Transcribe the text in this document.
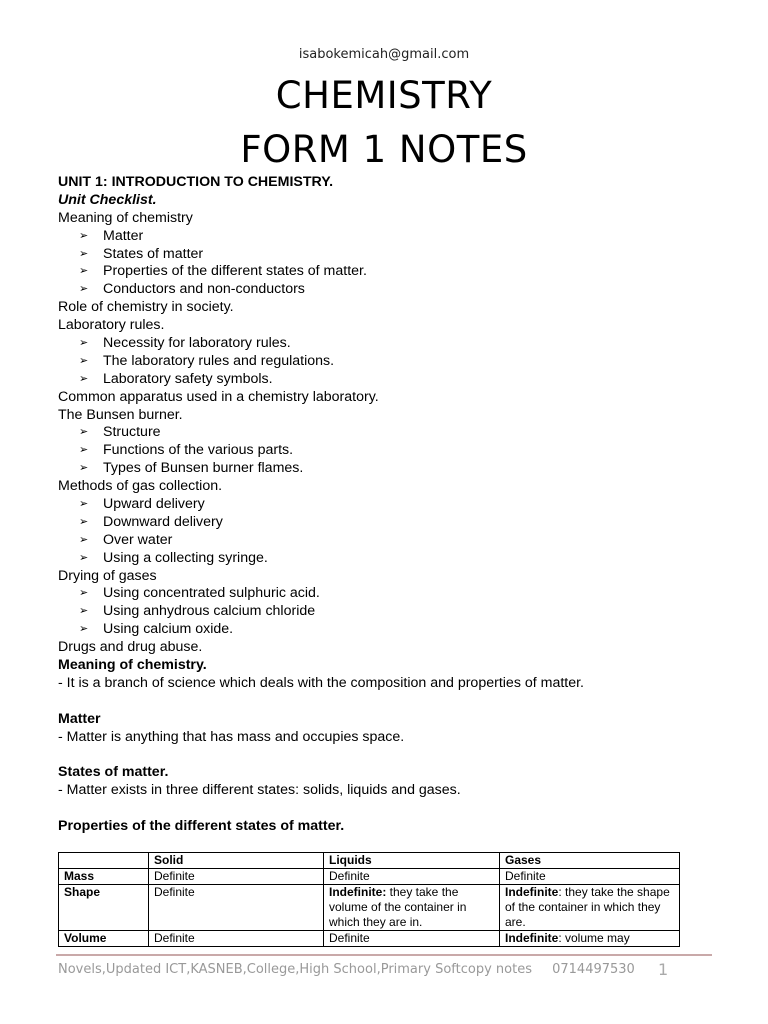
isabokemicah@gmail.com
CHEMISTRY
FORM 1 NOTES
UNIT 1: INTRODUCTION TO CHEMISTRY.
Unit Checklist.
Meaning of chemistry
➢	Matter
➢	States of matter
➢	Properties of the different states of matter.
➢	Conductors and non-conductors
Role of chemistry in society.
Laboratory rules.
➢	Necessity for laboratory rules.
➢	The laboratory rules and regulations.
➢	Laboratory safety symbols.
Common apparatus used in a chemistry laboratory.
The Bunsen burner.
➢	Structure
➢	Functions of the various parts.
➢	Types of Bunsen burner flames.
Methods of gas collection.
➢	Upward delivery
➢	Downward delivery
➢	Over water
➢	Using a collecting syringe.
Drying of gases
➢	Using concentrated sulphuric acid.
➢	Using anhydrous calcium chloride
➢	Using calcium oxide.
Drugs and drug abuse.
Meaning of chemistry.
- It is a branch of science which deals with the composition and properties of matter.
Matter
- Matter is anything that has mass and occupies space.
States of matter.
- Matter exists in three different states: solids, liquids and gases.
Properties of the different states of matter.
	Solid	Liquids	Gases
Mass	Definite	Definite	Definite
Shape	Definite	Indefinite: they take the volume of the container in which they are in.	Indefinite: they take the shape of the container in which they are.
Volume	Definite	Definite	Indefinite: volume may
Novels,Updated ICT,KASNEB,College,High School,Primary Softcopy notes 0714497530 1
